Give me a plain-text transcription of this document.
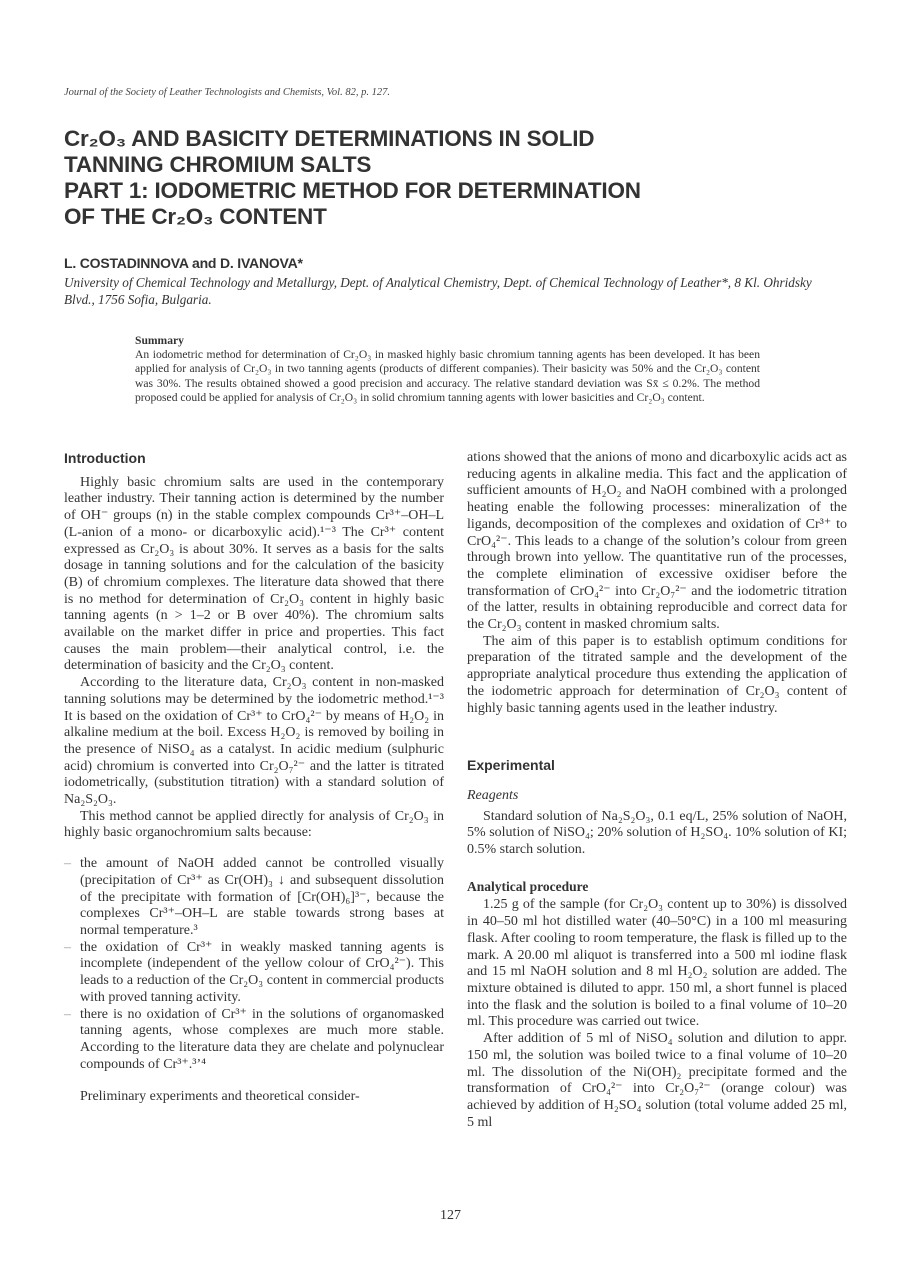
Journal of the Society of Leather Technologists and Chemists, Vol. 82, p. 127.
Cr₂O₃ AND BASICITY DETERMINATIONS IN SOLID
TANNING CHROMIUM SALTS
PART 1: IODOMETRIC METHOD FOR DETERMINATION
OF THE Cr₂O₃ CONTENT
L. COSTADINNOVA and D. IVANOVA*
University of Chemical Technology and Metallurgy, Dept. of Analytical Chemistry, Dept. of Chemical Technology of Leather*, 8 Kl. Ohridsky Blvd., 1756 Sofia, Bulgaria.
Summary
An iodometric method for determination of Cr₂O₃ in masked highly basic chromium tanning agents has been developed. It has been applied for analysis of Cr₂O₃ in two tanning agents (products of different companies). Their basicity was 50% and the Cr₂O₃ content was 30%. The results obtained showed a good precision and accuracy. The relative standard deviation was Sx̄ ≤ 0.2%. The method proposed could be applied for analysis of Cr₂O₃ in solid chromium tanning agents with lower basicities and Cr₂O₃ content.
Introduction

Highly basic chromium salts are used in the contemporary leather industry. Their tanning action is determined by the number of OH⁻ groups (n) in the stable complex compounds Cr³⁺–OH–L (L-anion of a mono- or dicarboxylic acid).¹⁻³ The Cr³⁺ content expressed as Cr₂O₃ is about 30%. It serves as a basis for the salts dosage in tanning solutions and for the calculation of the basicity (B) of chromium complexes. The literature data showed that there is no method for determination of Cr₂O₃ content in highly basic tanning agents (n > 1–2 or B over 40%). The chromium salts available on the market differ in price and properties. This fact causes the main problem—their analytical control, i.e. the determination of basicity and the Cr₂O₃ content.

According to the literature data, Cr₂O₃ content in non-masked tanning solutions may be determined by the iodometric method.¹⁻³ It is based on the oxidation of Cr³⁺ to CrO₄²⁻ by means of H₂O₂ in alkaline medium at the boil. Excess H₂O₂ is removed by boiling in the presence of NiSO₄ as a catalyst. In acidic medium (sulphuric acid) chromium is converted into Cr₂O₇²⁻ and the latter is titrated iodometrically, (substitution titration) with a standard solution of Na₂S₂O₃.

This method cannot be applied directly for analysis of Cr₂O₃ in highly basic organochromium salts because:

– the amount of NaOH added cannot be controlled visually (precipitation of Cr³⁺ as Cr(OH)₃ ↓ and subsequent dissolution of the precipitate with formation of [Cr(OH)₆]³⁻, because the complexes Cr³⁺–OH–L are stable towards strong bases at normal temperature.³
– the oxidation of Cr³⁺ in weakly masked tanning agents is incomplete (independent of the yellow colour of CrO₄²⁻). This leads to a reduction of the Cr₂O₃ content in commercial products with proved tanning activity.
– there is no oxidation of Cr³⁺ in the solutions of organomasked tanning agents, whose complexes are much more stable. According to the literature data they are chelate and polynuclear compounds of Cr³⁺.³ʼ⁴

Preliminary experiments and theoretical consider-

ations showed that the anions of mono and dicarboxylic acids act as reducing agents in alkaline media. This fact and the application of sufficient amounts of H₂O₂ and NaOH combined with a prolonged heating enable the following processes: mineralization of the ligands, decomposition of the complexes and oxidation of Cr³⁺ to CrO₄²⁻. This leads to a change of the solution’s colour from green through brown into yellow. The quantitative run of the processes, the complete elimination of excessive oxidiser before the transformation of CrO₄²⁻ into Cr₂O₇²⁻ and the iodometric titration of the latter, results in obtaining reproducible and correct data for the Cr₂O₃ content in masked chromium salts.

The aim of this paper is to establish optimum conditions for preparation of the titrated sample and the development of the appropriate analytical procedure thus extending the application of the iodometric approach for determination of Cr₂O₃ content of highly basic tanning agents used in the leather industry.

Experimental
Reagents

Standard solution of Na₂S₂O₃, 0.1 eq/L, 25% solution of NaOH, 5% solution of NiSO₄; 20% solution of H₂SO₄. 10% solution of KI; 0.5% starch solution.

Analytical procedure

1.25 g of the sample (for Cr₂O₃ content up to 30%) is dissolved in 40–50 ml hot distilled water (40–50°C) in a 100 ml measuring flask. After cooling to room temperature, the flask is filled up to the mark. A 20.00 ml aliquot is transferred into a 500 ml iodine flask and 15 ml NaOH solution and 8 ml H₂O₂ solution are added. The mixture obtained is diluted to appr. 150 ml, a short funnel is placed into the flask and the solution is boiled to a final volume of 10–20 ml. This procedure was carried out twice.

After addition of 5 ml of NiSO₄ solution and dilution to appr. 150 ml, the solution was boiled twice to a final volume of 10–20 ml. The dissolution of the Ni(OH)₂ precipitate formed and the transformation of CrO₄²⁻ into Cr₂O₇²⁻ (orange colour) was achieved by addition of H₂SO₄ solution (total volume added 25 ml, 5 ml

127
